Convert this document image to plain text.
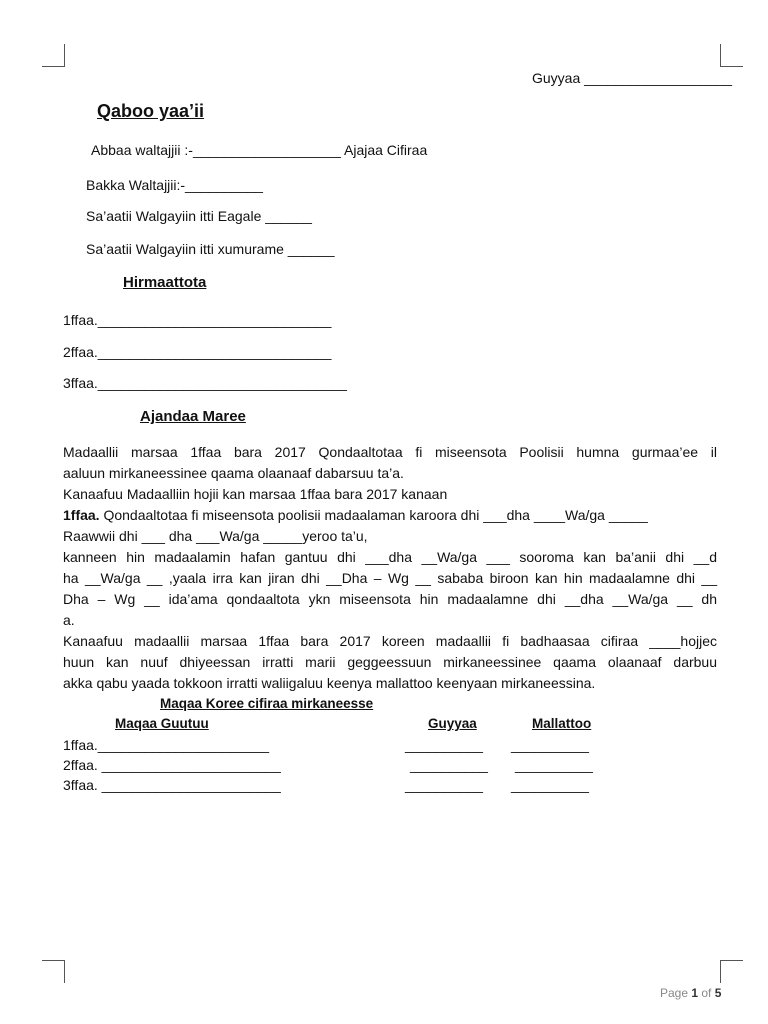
Guyyaa ___________________
Qaboo yaa’ii
Abbaa waltajjii :-___________________ Ajajaa Cifiraa
Bakka Waltajjii:-__________
Sa’aatii Walgayiin itti Eagale ______
Sa’aatii Walgayiin itti xumurame ______
Hirmaattota
1ffaa.______________________________
2ffaa.______________________________
3ffaa.________________________________
Ajandaa Maree
Madaallii marsaa 1ffaa bara 2017 Qondaaltotaa fi miseensota Poolisii humna gurmaa’ee il
aaluun mirkaneessinee qaama olaanaaf dabarsuu ta’a.
Kanaafuu Madaalliin hojii kan marsaa 1ffaa bara 2017 kanaan
1ffaa. Qondaaltotaa fi miseensota poolisii madaalaman karoora dhi ___dha ____Wa/ga _____
Raawwii dhi ___ dha ___Wa/ga _____yeroo ta’u,
kanneen hin madaalamin hafan gantuu dhi ___dha __Wa/ga ___ sooroma kan ba’anii dhi __d
ha __Wa/ga __ ,yaala irra kan jiran dhi __Dha – Wg __ sababa biroon kan hin madaalamne dhi __
Dha – Wg __ ida’ama qondaaltota ykn miseensota hin madaalamne dhi __dha __Wa/ga __ dh
a.
Kanaafuu madaallii marsaa 1ffaa bara 2017 koreen madaallii fi badhaasaa cifiraa ____hojjec
huun kan nuuf dhiyeessan irratti marii geggeessuun mirkaneessinee qaama olaanaaf darbuu
akka qabu yaada tokkoon irratti waliigaluu keenya mallattoo keenyaan mirkaneessina.
Maqaa Koree cifiraa mirkaneesse
Maqaa Guutuu	Guyyaa	Mallattoo
1ffaa.______________________	__________ __________
2ffaa. _______________________	__________ __________
3ffaa. _______________________	__________ __________
Page 1 of 5
